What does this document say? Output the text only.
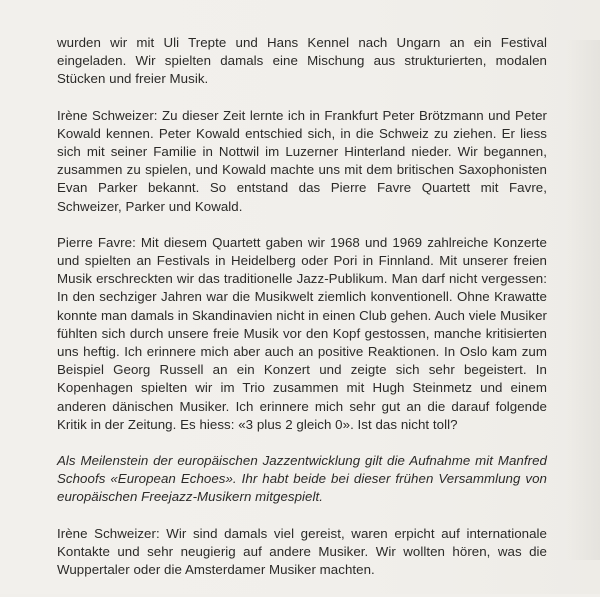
wurden wir mit Uli Trepte und Hans Kennel nach Ungarn an ein Festival eingeladen. Wir spielten damals eine Mischung aus strukturierten, modalen Stücken und freier Musik.

Irène Schweizer: Zu dieser Zeit lernte ich in Frankfurt Peter Brötzmann und Peter Kowald kennen. Peter Kowald entschied sich, in die Schweiz zu ziehen. Er liess sich mit seiner Familie in Nottwil im Luzerner Hinterland nieder. Wir begannen, zusammen zu spielen, und Kowald machte uns mit dem britischen Saxophonisten Evan Parker bekannt. So entstand das Pierre Favre Quartett mit Favre, Schweizer, Parker und Kowald.

Pierre Favre: Mit diesem Quartett gaben wir 1968 und 1969 zahlreiche Konzerte und spielten an Festivals in Heidelberg oder Pori in Finnland. Mit unserer freien Musik erschreckten wir das traditionelle Jazz-Publikum. Man darf nicht vergessen: In den sechziger Jahren war die Musikwelt ziemlich konventionell. Ohne Krawatte konnte man damals in Skandinavien nicht in einen Club gehen. Auch viele Musiker fühlten sich durch unsere freie Musik vor den Kopf gestossen, manche kritisierten uns heftig. Ich erinnere mich aber auch an positive Reaktionen. In Oslo kam zum Beispiel Georg Russell an ein Konzert und zeigte sich sehr begeistert. In Kopenhagen spielten wir im Trio zusammen mit Hugh Steinmetz und einem anderen dänischen Musiker. Ich erinnere mich sehr gut an die darauf folgende Kritik in der Zeitung. Es hiess: «3 plus 2 gleich 0». Ist das nicht toll?

Als Meilenstein der europäischen Jazzentwicklung gilt die Aufnahme mit Manfred Schoofs «European Echoes». Ihr habt beide bei dieser frühen Versammlung von europäischen Freejazz-Musikern mitgespielt.

Irène Schweizer: Wir sind damals viel gereist, waren erpicht auf internationale Kontakte und sehr neugierig auf andere Musiker. Wir wollten hören, was die Wuppertaler oder die Amsterdamer Musiker machten.
